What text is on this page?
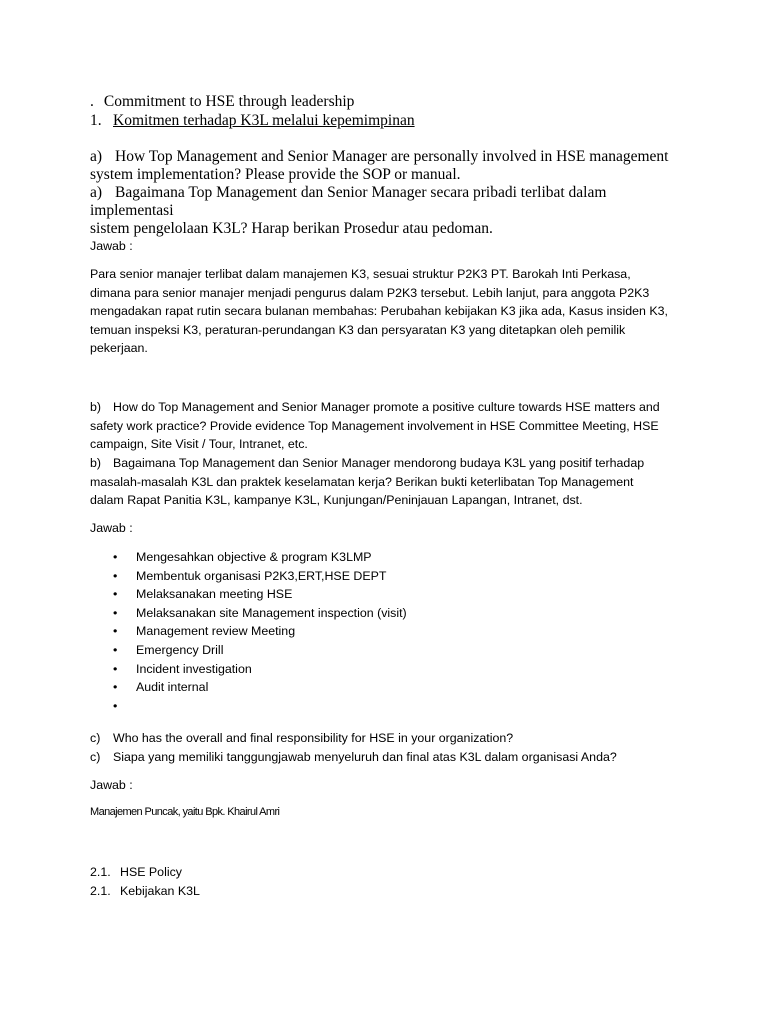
. Commitment to HSE through leadership

1. Komitmen terhadap K3L melalui kepemimpinan

a) How Top Management and Senior Manager are personally involved in HSE management
system implementation? Please provide the SOP or manual.

a) Bagaimana Top Management dan Senior Manager secara pribadi terlibat dalam implementasi
sistem pengelolaan K3L? Harap berikan Prosedur atau pedoman.

Jawab :

Para senior manajer terlibat dalam manajemen K3, sesuai struktur P2K3 PT. Barokah Inti Perkasa,
dimana para senior manajer menjadi pengurus dalam P2K3 tersebut. Lebih lanjut, para anggota P2K3
mengadakan rapat rutin secara bulanan membahas: Perubahan kebijakan K3 jika ada, Kasus insiden K3,
temuan inspeksi K3, peraturan-perundangan K3 dan persyaratan K3 yang ditetapkan oleh pemilik
pekerjaan.

b) How do Top Management and Senior Manager promote a positive culture towards HSE matters and
safety work practice? Provide evidence Top Management involvement in HSE Committee Meeting, HSE
campaign, Site Visit / Tour, Intranet, etc.

b) Bagaimana Top Management dan Senior Manager mendorong budaya K3L yang positif terhadap
masalah-masalah K3L dan praktek keselamatan kerja? Berikan bukti keterlibatan Top Management
dalam Rapat Panitia K3L, kampanye K3L, Kunjungan/Peninjauan Lapangan, Intranet, dst.

Jawab :

• Mengesahkan objective & program K3LMP
• Membentuk organisasi P2K3,ERT,HSE DEPT
• Melaksanakan meeting HSE
• Melaksanakan site Management inspection (visit)
• Management review Meeting
• Emergency Drill
• Incident investigation
• Audit internal
•

c) Who has the overall and final responsibility for HSE in your organization?
c) Siapa yang memiliki tanggungjawab menyeluruh dan final atas K3L dalam organisasi Anda?

Jawab :

Manajemen Puncak, yaitu Bpk. Khairul Amri

2.1. HSE Policy
2.1. Kebijakan K3L
